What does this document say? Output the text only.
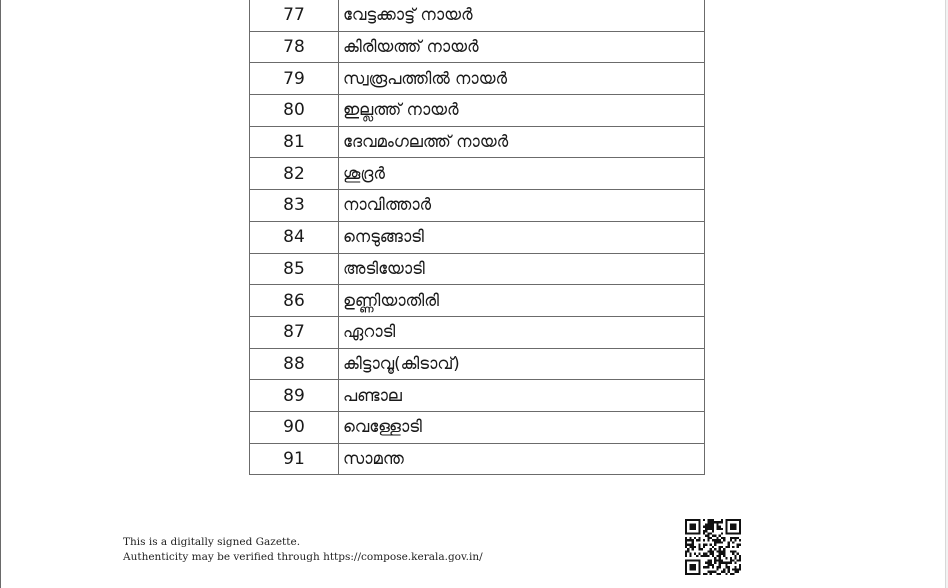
77	വേട്ടക്കാട്ട് നായർ
78	കിരിയത്ത് നായർ
79	സ്വരൂപത്തിൽ നായർ
80	ഇല്ലത്ത് നായർ
81	ദേവമംഗലത്ത് നായർ
82	ശൂദ്രർ
83	നാവിത്താർ
84	നെടുങ്ങാടി
85	അടിയോടി
86	ഉണ്ണിയാതിരി
87	ഏറാടി
88	കിട്ടാവൂ(കിടാവ്)
89	പണ്ടാല
90	വെള്ളോടി
91	സാമന്ത
This is a digitally signed Gazette.
Authenticity may be verified through https://compose.kerala.gov.in/
